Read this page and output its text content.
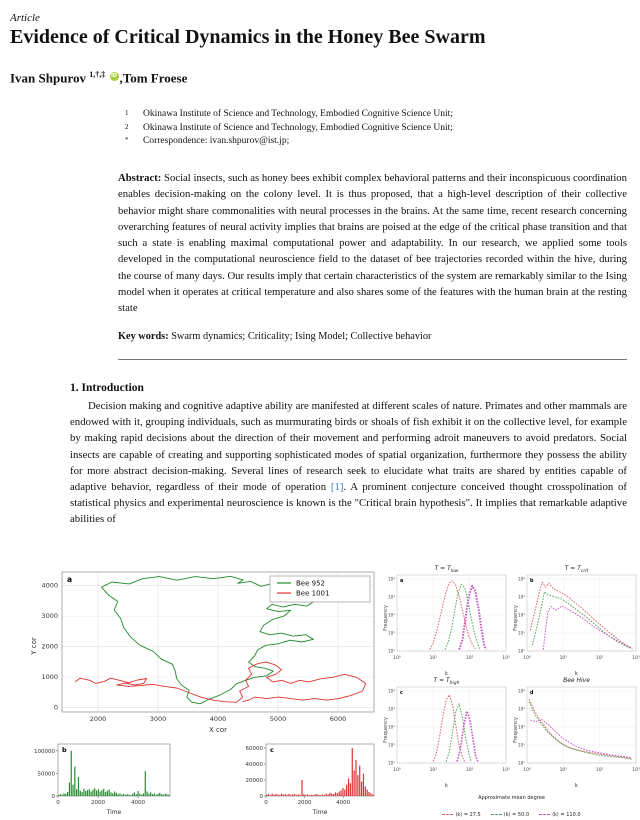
Article
Evidence of Critical Dynamics in the Honey Bee Swarm
Ivan Shpurov $^{1,\dagger,\ddagger}$ iD ,Tom Froese
1	Okinawa Institute of Science and Technology, Embodied Cognitive Science Unit;
2	Okinawa Institute of Science and Technology, Embodied Cognitive Science Unit;
*	Correspondence: ivan.shpurov@ist.jp;
Abstract: Social insects, such as honey bees exhibit complex behavioral patterns and their inconspicuous coordination enables decision-making on the colony level. It is thus proposed, that a high-level description of their collective behavior might share commonalities with neural processes in the brains. At the same time, recent research concerning overarching features of neural activity implies that brains are poised at the edge of the critical phase transition and that such a state is enabling maximal computational power and adaptability. In our research, we applied some tools developed in the computational neuroscience field to the dataset of bee trajectories recorded within the hive, during the course of many days. Our results imply that certain characteristics of the system are remarkably similar to the Ising model when it operates at critical temperature and also shares some of the features with the human brain at the resting state
Key words: Swarm dynamics; Criticality; Ising Model; Collective behavior
1. Introduction
Decision making and cognitive adaptive ability are manifested at different scales of nature. Primates and other mammals are endowed with it, grouping individuals, such as murmurating birds or shoals of fish exhibit it on the collective level, for example by making rapid decisions about the direction of their movement and performing adroit maneuvers to avoid predators. Social insects are capable of creating and supporting sophisticated modes of spatial organization, furthermore they possess the ability for more abstract decision-making. Several lines of research seek to elucidate what traits are shared by entities capable of adaptive behavior, regardless of their mode of operation [1]. A prominent conjecture conceived thought crosspolination of statistical physics and experimental neuroscience is known is the "Critical brain hypothesis". It implies that remarkable adaptive abilities of
2000	3000	4000	5000	6000
0
1000
2000
3000
4000
X cor
Y cor
a	Bee 952
Bee 1001
0
50000
100000
0	2000	4000
Time
b
0
20000
40000
60000
0	2000	4000
Time
c
$T = T_{low}$
10⁰	10¹	10²	10³
10⁴
10³
10²
10¹
10⁰
a
Frequency
k
$T = T_{crit}$
10⁰	10¹	10²	10³
10⁴
10³
10²
10¹
10⁰
b
Frequency
k
$T = T_{high}$
10⁰	10¹	10²	10³
10⁴
10³
10²
10¹
10⁰
c
Frequency
k
Bee Hive
10⁰	10¹	10²	10³
10⁴
10³
10²
10¹
10⁰
d
Frequency
k
Approximate mean degree
⟨k⟩ = 27.5	⟨k⟩ = 50.0	⟨k⟩ = 110.0
